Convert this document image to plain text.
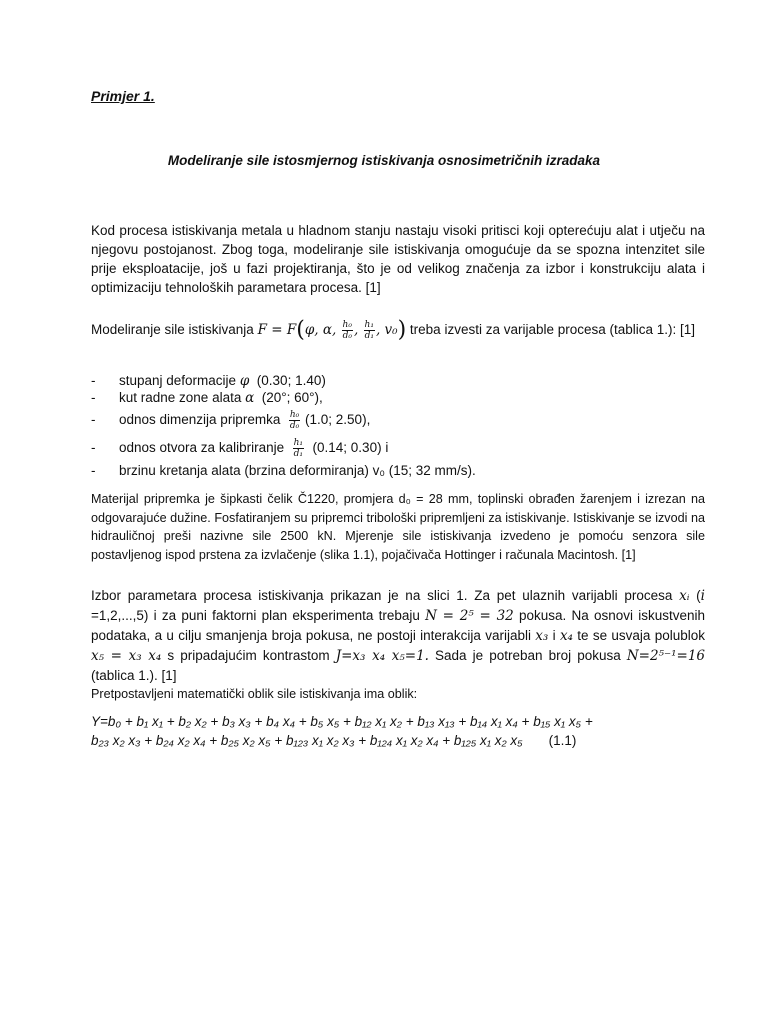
Primjer 1.
Modeliranje sile istosmjernog istiskivanja osnosimetričnih izradaka
Kod procesa istiskivanja metala u hladnom stanju nastaju visoki pritisci koji opterećuju alat i utječu na njegovu postojanost. Zbog toga, modeliranje sile istiskivanja omogućuje da se spozna intenzitet sile prije eksploatacije, još u fazi projektiranja, što je od velikog značenja za izbor i konstrukciju alata i optimizaciju tehnoloških parametara procesa. [1]
Modeliranje sile istiskivanja F = F(φ, α, $\frac{\text{h₀}}{\text{d₀}}$ , $\frac{\text{h₁}}{\text{d₁}}$ , v₀) treba izvesti za varijable procesa (tablica 1.): [1]
- stupanj deformacije φ (0.30; 1.40)
- kut radne zone alata α (20°; 60°),
- odnos dimenzija pripremka $\frac{\text{h₀}}{\text{d₀}} (1.0$; 2.50),
- odnos otvora za kalibriranje $\frac{\text{h₁}}{\text{d₁}} (0.14$; 0.30) i
- brzinu kretanja alata (brzina deformiranja) v₀ (15; 32 mm/s).
Materijal pripremka je šipkasti čelik Č1220, promjera d₀ = 28 mm, toplinski obrađen žarenjem i izrezan na odgovarajuće dužine. Fosfatiranjem su pripremci tribološki pripremljeni za istiskivanje. Istiskivanje se izvodi na hidrauličnoj preši nazivne sile 2500 kN. Mjerenje sile istiskivanja izvedeno je pomoću senzora sile postavljenog ispod prstena za izvlačenje (slika 1.1), pojačivača Hottinger i računala Macintosh. [1]
Izbor parametara procesa istiskivanja prikazan je na slici 1. Za pet ulaznih varijabli procesa xᵢ (i =1,2,...,5) i za puni faktorni plan eksperimenta trebaju N = 2⁵ = 32 pokusa. Na osnovi iskustvenih podataka, a u cilju smanjenja broja pokusa, ne postoji interakcija varijabli x₃ i x₄ te se usvaja polublok x₅ = x₃ x₄ s pripadajućim kontrastom J=x₃ x₄ x₅=1. Sada je potreban broj pokusa N=2⁵⁻¹=16 (tablica 1.). [1]
Pretpostavljeni matematički oblik sile istiskivanja ima oblik:
Y=b₀ + b₁ x₁ + b₂ x₂ + b₃ x₃ + b₄ x₄ + b₅ x₅ + b₁₂ x₁ x₂ + b₁₃ x₁₃ + b₁₄ x₁ x₄ + b₁₅ x₁ x₅ +
b₂₃ x₂ x₃ + b₂₄ x₂ x₄ + b₂₅ x₂ x₅ + b₁₂₃ x₁ x₂ x₃ + b₁₂₄ x₁ x₂ x₄ + b₁₂₅ x₁ x₂ x₅ (1.1)
